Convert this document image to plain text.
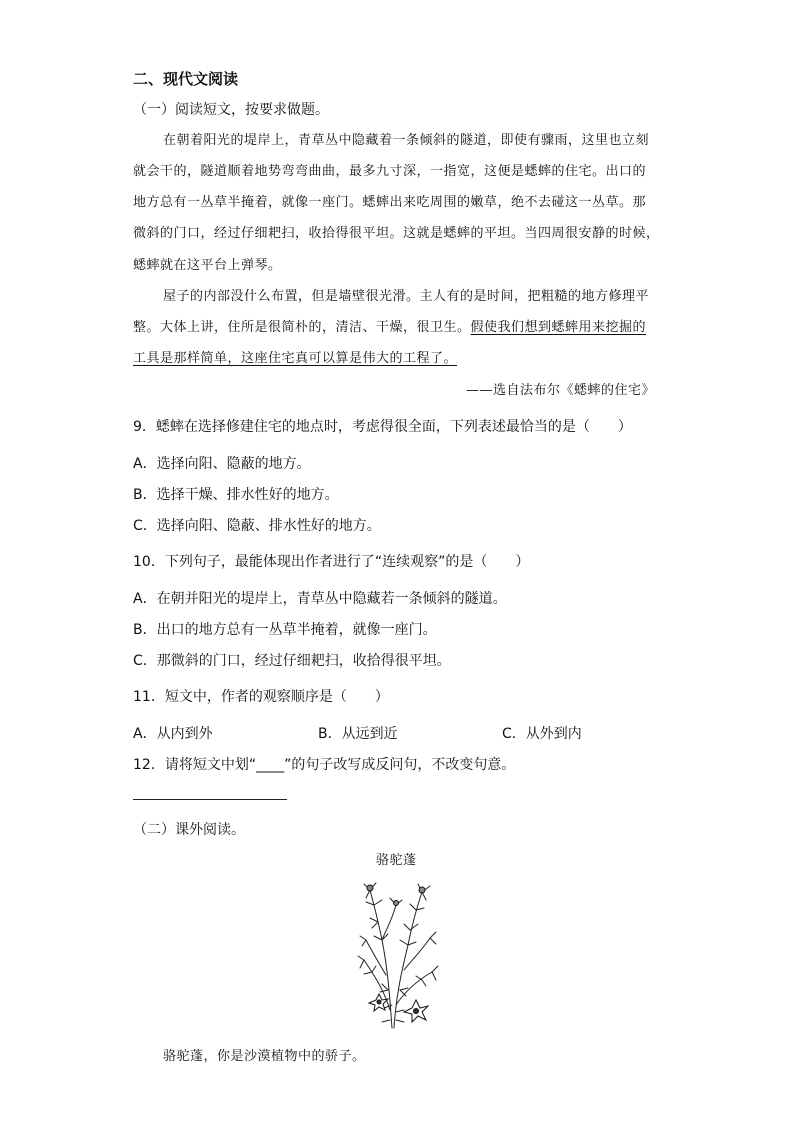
二、现代文阅读
（一）阅读短文，按要求做题。
在朝着阳光的堤岸上，青草丛中隐藏着一条倾斜的隧道，即使有骤雨，这里也立刻
就会干的，隧道顺着地势弯弯曲曲，最多九寸深，一指宽，这便是蟋蟀的住宅。出口的
地方总有一丛草半掩着，就像一座门。蟋蟀出来吃周围的嫩草，绝不去碰这一丛草。那
微斜的门口，经过仔细耙扫，收拾得很平坦。这就是蟋蟀的平坦。当四周很安静的时候，
蟋蟀就在这平台上弹琴。
屋子的内部没什么布置，但是墙壁很光滑。主人有的是时间，把粗糙的地方修理平
整。大体上讲，住所是很简朴的，清洁、干燥，很卫生。假使我们想到蟋蟀用来挖掘的
工具是那样简单，这座住宅真可以算是伟大的工程了。
——选自法布尔《蟋蟀的住宅》
9．蟋蟀在选择修建住宅的地点时，考虑得很全面，下列表述最恰当的是（　　）
A．选择向阳、隐蔽的地方。
B．选择干燥、排水性好的地方。
C．选择向阳、隐蔽、排水性好的地方。
10．下列句子，最能体现出作者进行了“连续观察”的是（　　）
A．在朝并阳光的堤岸上，青草丛中隐藏若一条倾斜的隧道。
B．出口的地方总有一丛草半掩着，就像一座门。
C．那微斜的门口，经过仔细耙扫，收拾得很平坦。
11．短文中，作者的观察顺序是（　　）
A．从内到外	B．从远到近	C．从外到内
12．请将短文中划“____”的句子改写成反问句，不改变句意。
（二）课外阅读。
骆驼蓬
骆驼蓬，你是沙漠植物中的骄子。
